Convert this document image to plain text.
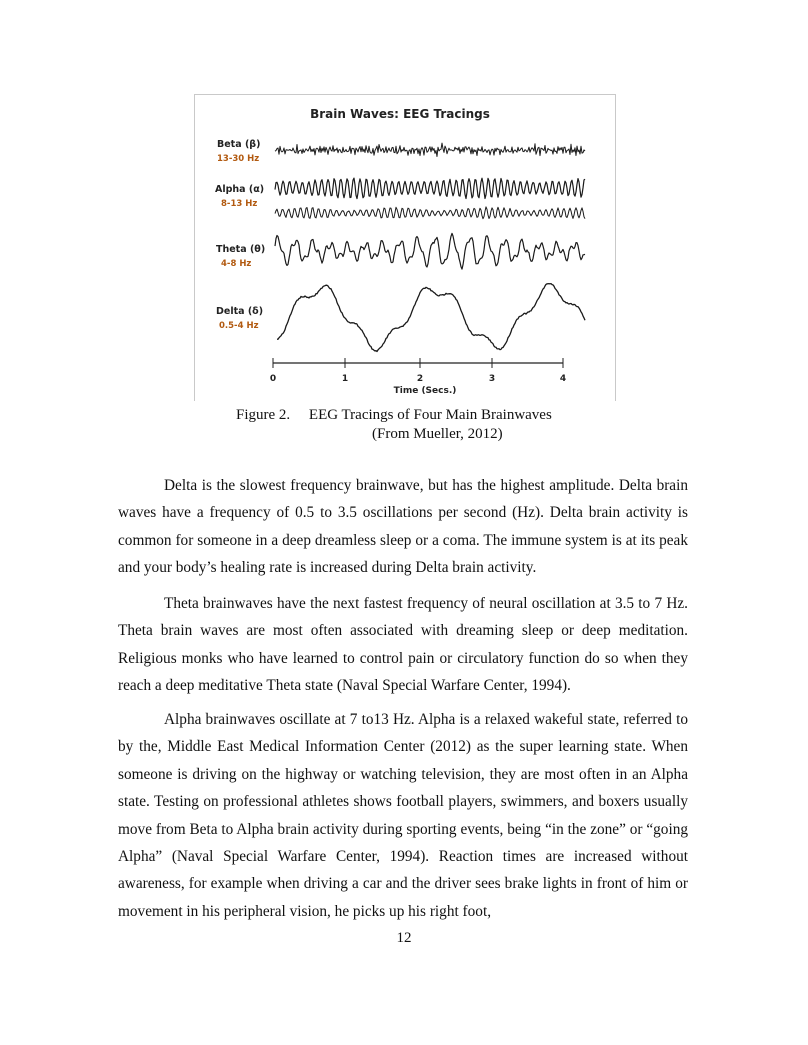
Brain Waves: EEG Tracings
Beta (β)
13-30 Hz
Alpha (α)
8-13 Hz
Theta (θ)
4-8 Hz
Delta (δ)
0.5-4 Hz
0	1	2	3	4
Time (Secs.)
Figure 2.     EEG Tracings of Four Main Brainwaves
(From Mueller, 2012)

Delta is the slowest frequency brainwave, but has the highest amplitude. Delta brain waves have a frequency of 0.5 to 3.5 oscillations per second (Hz). Delta brain activity is common for someone in a deep dreamless sleep or a coma. The immune system is at its peak and your body’s healing rate is increased during Delta brain activity.

Theta brainwaves have the next fastest frequency of neural oscillation at 3.5 to 7 Hz. Theta brain waves are most often associated with dreaming sleep or deep meditation. Religious monks who have learned to control pain or circulatory function do so when they reach a deep meditative Theta state (Naval Special Warfare Center, 1994).

Alpha brainwaves oscillate at 7 to13 Hz. Alpha is a relaxed wakeful state, referred to by the, Middle East Medical Information Center (2012) as the super learning state. When someone is driving on the highway or watching television, they are most often in an Alpha state. Testing on professional athletes shows football players, swimmers, and boxers usually move from Beta to Alpha brain activity during sporting events, being “in the zone” or “going Alpha” (Naval Special Warfare Center, 1994). Reaction times are increased without awareness, for example when driving a car and the driver sees brake lights in front of him or movement in his peripheral vision, he picks up his right foot,

12
